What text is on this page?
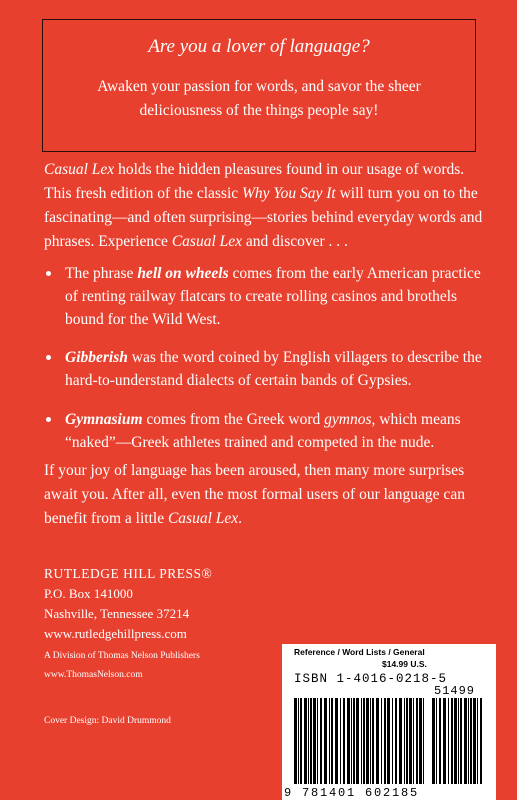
Are you a lover of language?
Awaken your passion for words, and savor the sheer deliciousness of the things people say!
Casual Lex holds the hidden pleasures found in our usage of words. This fresh edition of the classic Why You Say It will turn you on to the fascinating—and often surprising—stories behind everyday words and phrases. Experience Casual Lex and discover . . .
The phrase hell on wheels comes from the early American practice of renting railway flatcars to create rolling casinos and brothels bound for the Wild West.
Gibberish was the word coined by English villagers to describe the hard-to-understand dialects of certain bands of Gypsies.
Gymnasium comes from the Greek word gymnos, which means “naked”—Greek athletes trained and competed in the nude.
If your joy of language has been aroused, then many more surprises await you. After all, even the most formal users of our language can benefit from a little Casual Lex.
RUTLEDGE HILL PRESS®
P.O. Box 141000
Nashville, Tennessee 37214
www.rutledgehillpress.com
A Division of Thomas Nelson Publishers
www.ThomasNelson.com
Cover Design: David Drummond
Reference / Word Lists / General
$14.99 U.S.
ISBN 1-4016-0218-5
51499
9 781401 602185
